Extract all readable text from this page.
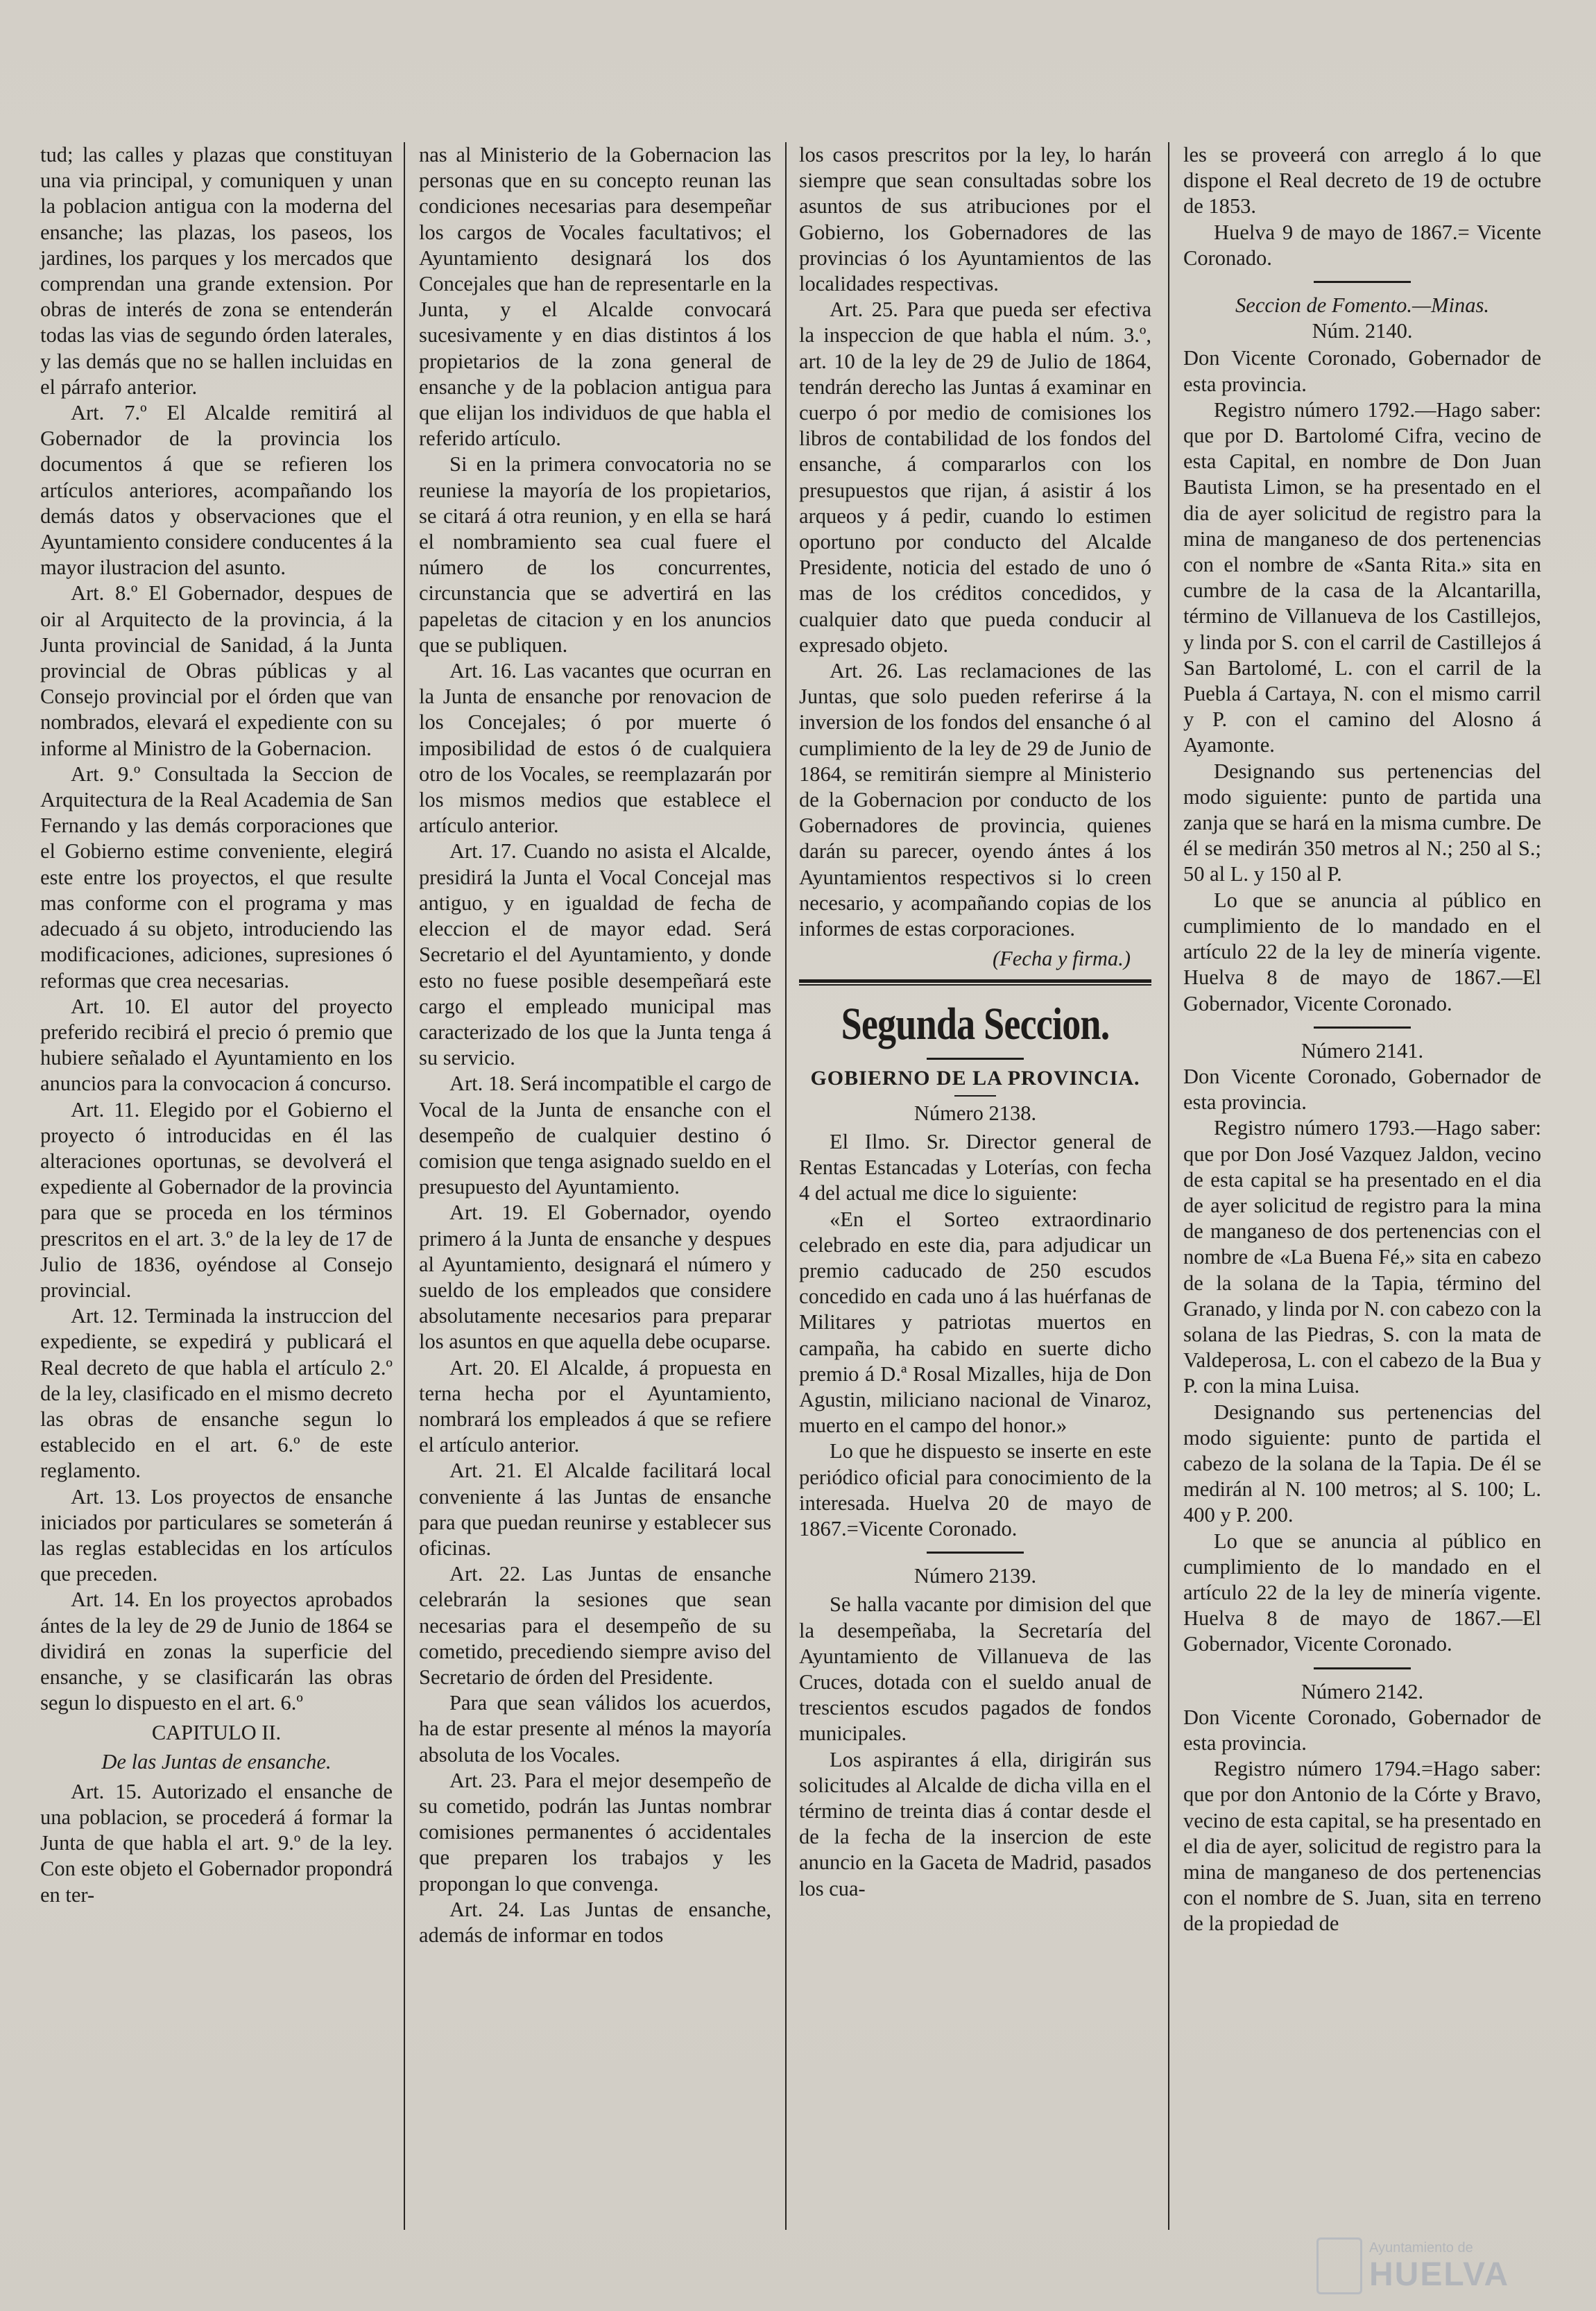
tud; las calles y plazas que constituyan una via principal, y comuniquen y unan la poblacion antigua con la moderna del ensanche; las plazas, los paseos, los jardines, los parques y los mercados que comprendan una grande extension. Por obras de interés de zona se entenderán todas las vias de segundo órden laterales, y las demás que no se hallen incluidas en el párrafo anterior.

Art. 7.º El Alcalde remitirá al Gobernador de la provincia los documentos á que se refieren los artículos anteriores, acompañando los demás datos y observaciones que el Ayuntamiento considere conducentes á la mayor ilustracion del asunto.

Art. 8.º El Gobernador, despues de oir al Arquitecto de la provincia, á la Junta provincial de Sanidad, á la Junta provincial de Obras públicas y al Consejo provincial por el órden que van nombrados, elevará el expediente con su informe al Ministro de la Gobernacion.

Art. 9.º Consultada la Seccion de Arquitectura de la Real Academia de San Fernando y las demás corporaciones que el Gobierno estime conveniente, elegirá este entre los proyectos, el que resulte mas conforme con el programa y mas adecuado á su objeto, introduciendo las modificaciones, adiciones, supresiones ó reformas que crea necesarias.

Art. 10. El autor del proyecto preferido recibirá el precio ó premio que hubiere señalado el Ayuntamiento en los anuncios para la convocacion á concurso.

Art. 11. Elegido por el Gobierno el proyecto ó introducidas en él las alteraciones oportunas, se devolverá el expediente al Gobernador de la provincia para que se proceda en los términos prescritos en el art. 3.º de la ley de 17 de Julio de 1836, oyéndose al Consejo provincial.

Art. 12. Terminada la instruccion del expediente, se expedirá y publicará el Real decreto de que habla el artículo 2.º de la ley, clasificado en el mismo decreto las obras de ensanche segun lo establecido en el art. 6.º de este reglamento.

Art. 13. Los proyectos de ensanche iniciados por particulares se someterán á las reglas establecidas en los artículos que preceden.

Art. 14. En los proyectos aprobados ántes de la ley de 29 de Junio de 1864 se dividirá en zonas la superficie del ensanche, y se clasificarán las obras segun lo dispuesto en el art. 6.º

CAPITULO II.

De las Juntas de ensanche.

Art. 15. Autorizado el ensanche de una poblacion, se procederá á formar la Junta de que habla el art. 9.º de la ley. Con este objeto el Gobernador propondrá en ter-

nas al Ministerio de la Gobernacion las personas que en su concepto reunan las condiciones necesarias para desempeñar los cargos de Vocales facultativos; el Ayuntamiento designará los dos Concejales que han de representarle en la Junta, y el Alcalde convocará sucesivamente y en dias distintos á los propietarios de la zona general de ensanche y de la poblacion antigua para que elijan los individuos de que habla el referido artículo.

Si en la primera convocatoria no se reuniese la mayoría de los propietarios, se citará á otra reunion, y en ella se hará el nombramiento sea cual fuere el número de los concurrentes, circunstancia que se advertirá en las papeletas de citacion y en los anuncios que se publiquen.

Art. 16. Las vacantes que ocurran en la Junta de ensanche por renovacion de los Concejales; ó por muerte ó imposibilidad de estos ó de cualquiera otro de los Vocales, se reemplazarán por los mismos medios que establece el artículo anterior.

Art. 17. Cuando no asista el Alcalde, presidirá la Junta el Vocal Concejal mas antiguo, y en igualdad de fecha de eleccion el de mayor edad. Será Secretario el del Ayuntamiento, y donde esto no fuese posible desempeñará este cargo el empleado municipal mas caracterizado de los que la Junta tenga á su servicio.

Art. 18. Será incompatible el cargo de Vocal de la Junta de ensanche con el desempeño de cualquier destino ó comision que tenga asignado sueldo en el presupuesto del Ayuntamiento.

Art. 19. El Gobernador, oyendo primero á la Junta de ensanche y despues al Ayuntamiento, designará el número y sueldo de los empleados que considere absolutamente necesarios para preparar los asuntos en que aquella debe ocuparse.

Art. 20. El Alcalde, á propuesta en terna hecha por el Ayuntamiento, nombrará los empleados á que se refiere el artículo anterior.

Art. 21. El Alcalde facilitará local conveniente á las Juntas de ensanche para que puedan reunirse y establecer sus oficinas.

Art. 22. Las Juntas de ensanche celebrarán la sesiones que sean necesarias para el desempeño de su cometido, precediendo siempre aviso del Secretario de órden del Presidente.

Para que sean válidos los acuerdos, ha de estar presente al ménos la mayoría absoluta de los Vocales.

Art. 23. Para el mejor desempeño de su cometido, podrán las Juntas nombrar comisiones permanentes ó accidentales que preparen los trabajos y les propongan lo que convenga.

Art. 24. Las Juntas de ensanche, además de informar en todos

los casos prescritos por la ley, lo harán siempre que sean consultadas sobre los asuntos de sus atribuciones por el Gobierno, los Gobernadores de las provincias ó los Ayuntamientos de las localidades respectivas.

Art. 25. Para que pueda ser efectiva la inspeccion de que habla el núm. 3.º, art. 10 de la ley de 29 de Julio de 1864, tendrán derecho las Juntas á examinar en cuerpo ó por medio de comisiones los libros de contabilidad de los fondos del ensanche, á compararlos con los presupuestos que rijan, á asistir á los arqueos y á pedir, cuando lo estimen oportuno por conducto del Alcalde Presidente, noticia del estado de uno ó mas de los créditos concedidos, y cualquier dato que pueda conducir al expresado objeto.

Art. 26. Las reclamaciones de las Juntas, que solo pueden referirse á la inversion de los fondos del ensanche ó al cumplimiento de la ley de 29 de Junio de 1864, se remitirán siempre al Ministerio de la Gobernacion por conducto de los Gobernadores de provincia, quienes darán su parecer, oyendo ántes á los Ayuntamientos respectivos si lo creen necesario, y acompañando copias de los informes de estas corporaciones.

(Fecha y firma.)

Segunda Seccion.
GOBIERNO DE LA PROVINCIA.

Número 2138.

El Ilmo. Sr. Director general de Rentas Estancadas y Loterías, con fecha 4 del actual me dice lo siguiente:

«En el Sorteo extraordinario celebrado en este dia, para adjudicar un premio caducado de 250 escudos concedido en cada uno á las huérfanas de Militares y patriotas muertos en campaña, ha cabido en suerte dicho premio á D.ª Rosal Mizalles, hija de Don Agustin, miliciano nacional de Vinaroz, muerto en el campo del honor.»

Lo que he dispuesto se inserte en este periódico oficial para conocimiento de la interesada. Huelva 20 de mayo de 1867.=Vicente Coronado.

Número 2139.

Se halla vacante por dimision del que la desempeñaba, la Secretaría del Ayuntamiento de Villanueva de las Cruces, dotada con el sueldo anual de trescientos escudos pagados de fondos municipales.

Los aspirantes á ella, dirigirán sus solicitudes al Alcalde de dicha villa en el término de treinta dias á contar desde el de la fecha de la insercion de este anuncio en la Gaceta de Madrid, pasados los cua-

les se proveerá con arreglo á lo que dispone el Real decreto de 19 de octubre de 1853.

Huelva 9 de mayo de 1867.= Vicente Coronado.

Seccion de Fomento.—Minas.

Núm. 2140.

Don Vicente Coronado, Gobernador de esta provincia.

Registro número 1792.—Hago saber: que por D. Bartolomé Cifra, vecino de esta Capital, en nombre de Don Juan Bautista Limon, se ha presentado en el dia de ayer solicitud de registro para la mina de manganeso de dos pertenencias con el nombre de «Santa Rita.» sita en cumbre de la casa de la Alcantarilla, término de Villanueva de los Castillejos, y linda por S. con el carril de Castillejos á San Bartolomé, L. con el carril de la Puebla á Cartaya, N. con el mismo carril y P. con el camino del Alosno á Ayamonte.

Designando sus pertenencias del modo siguiente: punto de partida una zanja que se hará en la misma cumbre. De él se medirán 350 metros al N.; 250 al S.; 50 al L. y 150 al P.

Lo que se anuncia al público en cumplimiento de lo mandado en el artículo 22 de la ley de minería vigente. Huelva 8 de mayo de 1867.—El Gobernador, Vicente Coronado.

Número 2141.

Don Vicente Coronado, Gobernador de esta provincia.

Registro número 1793.—Hago saber: que por Don José Vazquez Jaldon, vecino de esta capital se ha presentado en el dia de ayer solicitud de registro para la mina de manganeso de dos pertenencias con el nombre de «La Buena Fé,» sita en cabezo de la solana de la Tapia, término del Granado, y linda por N. con cabezo con la solana de las Piedras, S. con la mata de Valdeperosa, L. con el cabezo de la Bua y P. con la mina Luisa.

Designando sus pertenencias del modo siguiente: punto de partida el cabezo de la solana de la Tapia. De él se medirán al N. 100 metros; al S. 100; L. 400 y P. 200.

Lo que se anuncia al público en cumplimiento de lo mandado en el artículo 22 de la ley de minería vigente. Huelva 8 de mayo de 1867.—El Gobernador, Vicente Coronado.

Número 2142.

Don Vicente Coronado, Gobernador de esta provincia.

Registro número 1794.=Hago saber: que por don Antonio de la Córte y Bravo, vecino de esta capital, se ha presentado en el dia de ayer, solicitud de registro para la mina de manganeso de dos pertenencias con el nombre de S. Juan, sita en terreno de la propiedad de

Ayuntamiento de
HUELVA
